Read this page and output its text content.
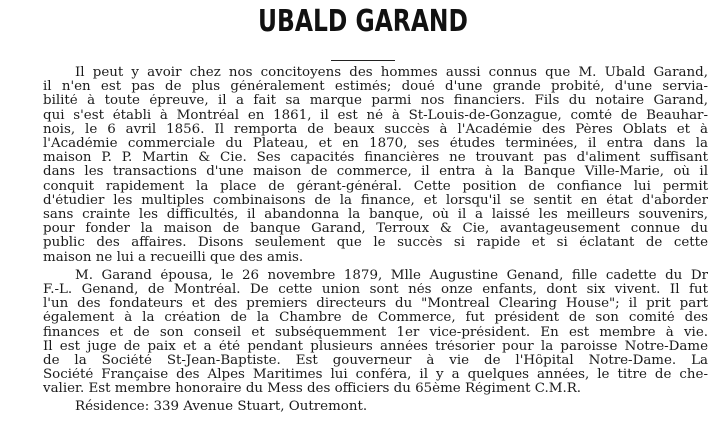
UBALD GARAND
Il peut y avoir chez nos concitoyens des hommes aussi connus que M. Ubald Garand,
il n'en est pas de plus généralement estimés; doué d'une grande probité, d'une servia-
bilité à toute épreuve, il a fait sa marque parmi nos financiers. Fils du notaire Garand,
qui s'est établi à Montréal en 1861, il est né à St-Louis-de-Gonzague, comté de Beauhar-
nois, le 6 avril 1856. Il remporta de beaux succès à l'Académie des Pères Oblats et à
l'Académie commerciale du Plateau, et en 1870, ses études terminées, il entra dans la
maison P. P. Martin & Cie. Ses capacités financières ne trouvant pas d'aliment suffisant
dans les transactions d'une maison de commerce, il entra à la Banque Ville-Marie, où il
conquit rapidement la place de gérant-général. Cette position de confiance lui permit
d'étudier les multiples combinaisons de la finance, et lorsqu'il se sentit en état d'aborder
sans crainte les difficultés, il abandonna la banque, où il a laissé les meilleurs souvenirs,
pour fonder la maison de banque Garand, Terroux & Cie, avantageusement connue du
public des affaires. Disons seulement que le succès si rapide et si éclatant de cette
maison ne lui a recueilli que des amis.
M. Garand épousa, le 26 novembre 1879, Mlle Augustine Genand, fille cadette du Dr
F.-L. Genand, de Montréal. De cette union sont nés onze enfants, dont six vivent. Il fut
l'un des fondateurs et des premiers directeurs du "Montreal Clearing House"; il prit part
également à la création de la Chambre de Commerce, fut président de son comité des
finances et de son conseil et subséquemment 1er vice-président. En est membre à vie.
Il est juge de paix et a été pendant plusieurs années trésorier pour la paroisse Notre-Dame
de la Société St-Jean-Baptiste. Est gouverneur à vie de l'Hôpital Notre-Dame. La
Société Française des Alpes Maritimes lui conféra, il y a quelques années, le titre de che-
valier. Est membre honoraire du Mess des officiers du 65ème Régiment C.M.R.
Résidence: 339 Avenue Stuart, Outremont.
